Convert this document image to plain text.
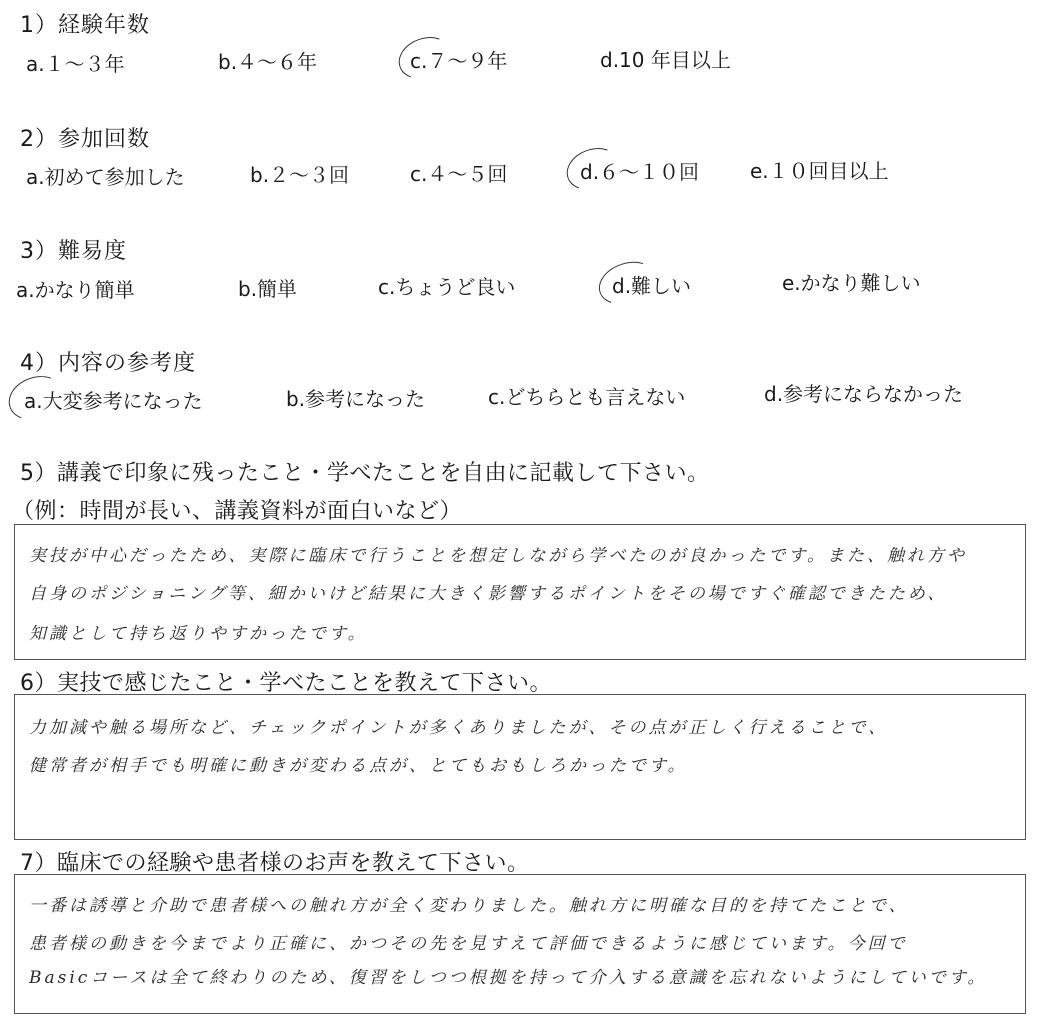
1）経験年数
a.１～３年	b.４～６年	c.７～９年	d.10 年目以上
2）参加回数
a.初めて参加した	b.２～３回	c.４～５回	d.６～１０回	e.１０回目以上
3）難易度
a.かなり簡単	b.簡単	c.ちょうど良い	d.難しい	e.かなり難しい
4）内容の参考度
a.大変参考になった	b.参考になった	c.どちらとも言えない	d.参考にならなかった
5）講義で印象に残ったこと・学べたことを自由に記載して下さい。
（例：時間が長い、講義資料が面白いなど）
実技が中心だったため、実際に臨床で行うことを想定しながら学べたのが良かったです。また、触れ方や
自身のポジショニング等、細かいけど結果に大きく影響するポイントをその場ですぐ確認できたため、
知識として持ち返りやすかったです。
6）実技で感じたこと・学べたことを教えて下さい。
力加減や触る場所など、チェックポイントが多くありましたが、その点が正しく行えることで、
健常者が相手でも明確に動きが変わる点が、とてもおもしろかったです。
7）臨床での経験や患者様のお声を教えて下さい。
一番は誘導と介助で患者様への触れ方が全く変わりました。触れ方に明確な目的を持てたことで、
患者様の動きを今までより正確に、かつその先を見すえて評価できるように感じています。今回で
Basicコースは全て終わりのため、復習をしつつ根拠を持って介入する意識を忘れないようにしていです。
